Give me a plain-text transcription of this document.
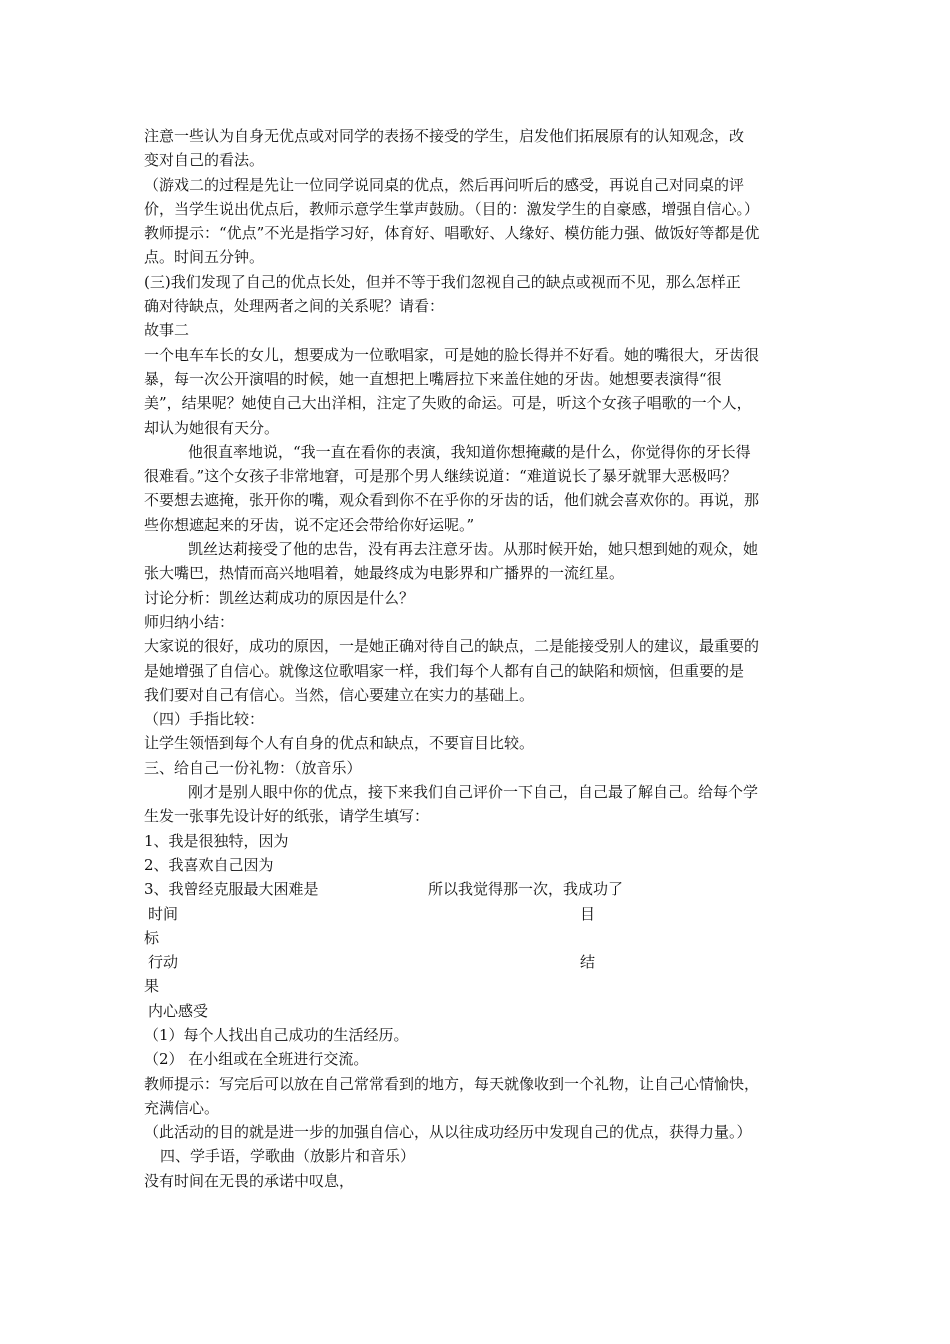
注意一些认为自身无优点或对同学的表扬不接受的学生，启发他们拓展原有的认知观念，改
变对自己的看法。
（游戏二的过程是先让一位同学说同桌的优点，然后再问听后的感受，再说自己对同桌的评
价，当学生说出优点后，教师示意学生掌声鼓励。（目的：激发学生的自豪感，增强自信心。）
教师提示：“优点”不光是指学习好，体育好、唱歌好、人缘好、模仿能力强、做饭好等都是优
点。时间五分钟。
(三)我们发现了自己的优点长处，但并不等于我们忽视自己的缺点或视而不见，那么怎样正
确对待缺点，处理两者之间的关系呢？请看：
故事二
一个电车车长的女儿，想要成为一位歌唱家，可是她的脸长得并不好看。她的嘴很大，牙齿很
暴，每一次公开演唱的时候，她一直想把上嘴唇拉下来盖住她的牙齿。她想要表演得“很
美”，结果呢？她使自己大出洋相，注定了失败的命运。可是，听这个女孩子唱歌的一个人，
却认为她很有天分。
他很直率地说，“我一直在看你的表演，我知道你想掩藏的是什么，你觉得你的牙长得
很难看。”这个女孩子非常地窘，可是那个男人继续说道：“难道说长了暴牙就罪大恶极吗？
不要想去遮掩，张开你的嘴，观众看到你不在乎你的牙齿的话，他们就会喜欢你的。再说，那
些你想遮起来的牙齿，说不定还会带给你好运呢。”
凯丝达莉接受了他的忠告，没有再去注意牙齿。从那时候开始，她只想到她的观众，她
张大嘴巴，热情而高兴地唱着，她最终成为电影界和广播界的一流红星。
讨论分析：凯丝达莉成功的原因是什么？
师归纳小结：
大家说的很好，成功的原因，一是她正确对待自己的缺点，二是能接受别人的建议，最重要的
是她增强了自信心。就像这位歌唱家一样，我们每个人都有自己的缺陷和烦恼，但重要的是
我们要对自己有信心。当然，信心要建立在实力的基础上。
（四）手指比较：
让学生领悟到每个人有自身的优点和缺点，不要盲目比较。
三、给自己一份礼物：（放音乐）
刚才是别人眼中你的优点，接下来我们自己评价一下自己，自己最了解自己。给每个学
生发一张事先设计好的纸张，请学生填写：
1、我是很独特，因为
2、我喜欢自己因为
3、我曾经克服最大困难是	所以我觉得那一次，我成功了
时间	目
标
行动	结
果
内心感受
（1）每个人找出自己成功的生活经历。
（2） 在小组或在全班进行交流。
教师提示：写完后可以放在自己常常看到的地方，每天就像收到一个礼物，让自己心情愉快，
充满信心。
（此活动的目的就是进一步的加强自信心，从以往成功经历中发现自己的优点，获得力量。）
四、学手语，学歌曲（放影片和音乐）
没有时间在无畏的承诺中叹息，
